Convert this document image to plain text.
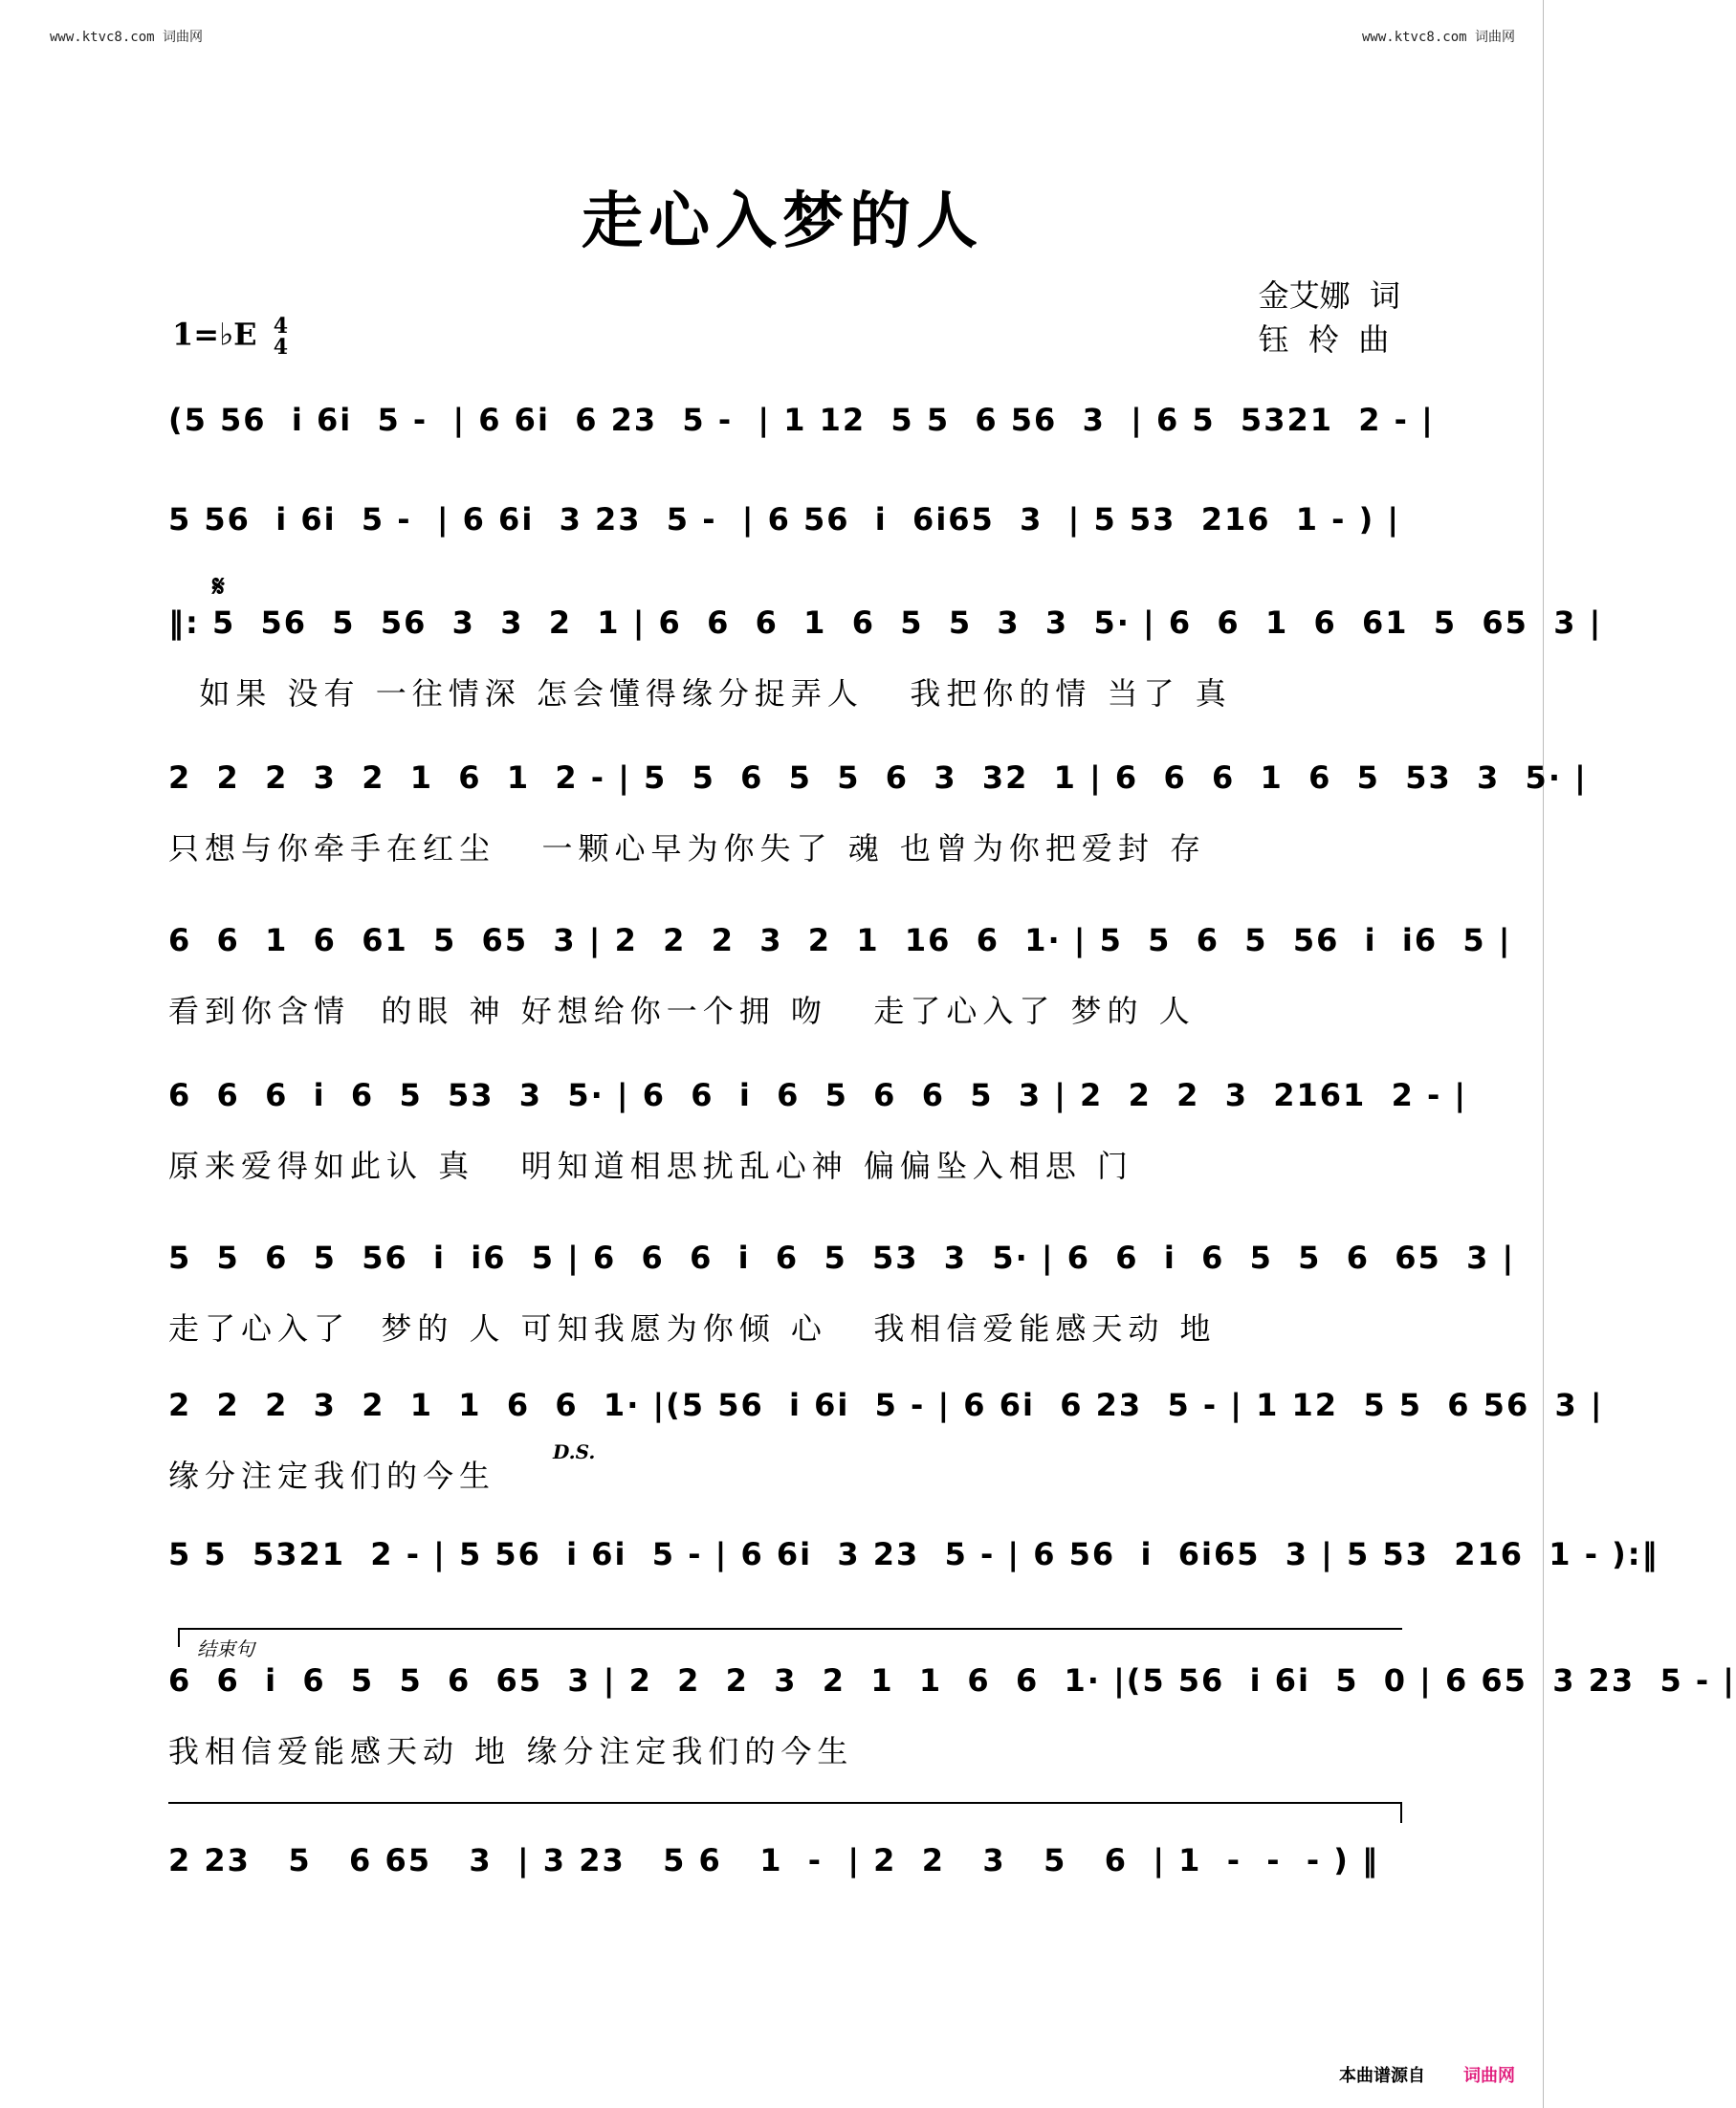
www.ktvc8.com 词曲网	www.ktvc8.com 词曲网
走心入梦的人
金艾娜  词
钰  柃  曲
1=♭E 4
4
𝄋
(5 56  i 6i  5 -  | 6 6i  6 23  5 -  | 1 12  5 5  6 56  3  | 6 5  5321  2 - |
5 56  i 6i  5 -  | 6 6i  3 23  5 -  | 6 56  i  6i65  3  | 5 53  216  1 - ) |
‖: 5  56  5  56  3  3  2  1 | 6  6  6  1  6  5  5  3  3  5· | 6  6  1  6  61  5  65  3 |
如果 没有 一往情深 怎会懂得缘分捉弄人   我把你的情 当了 真
2  2  2  3  2  1  6  1  2 - | 5  5  6  5  5  6  3  32  1 | 6  6  6  1  6  5  53  3  5· |
只想与你牵手在红尘   一颗心早为你失了 魂 也曾为你把爱封 存
6  6  1  6  61  5  65  3 | 2  2  2  3  2  1  16  6  1· | 5  5  6  5  56  i  i6  5 |
看到你含情  的眼 神 好想给你一个拥 吻   走了心入了 梦的 人
6  6  6  i  6  5  53  3  5· | 6  6  i  6  5  6  6  5  3 | 2  2  2  3  2161  2 - |
原来爱得如此认 真   明知道相思扰乱心神 偏偏坠入相思 门
5  5  6  5  56  i  i6  5 | 6  6  6  i  6  5  53  3  5· | 6  6  i  6  5  5  6  65  3 |
走了心入了  梦的 人 可知我愿为你倾 心   我相信爱能感天动 地
2  2  2  3  2  1  1  6  6  1· |(5 56  i 6i  5 - | 6 6i  6 23  5 - | 1 12  5 5  6 56  3 |
缘分注定我们的今生
D.S.
5 5  5321  2 - | 5 56  i 6i  5 - | 6 6i  3 23  5 - | 6 56  i  6i65  3 | 5 53  216  1 - ):‖
结束句
6  6  i  6  5  5  6  65  3 | 2  2  2  3  2  1  1  6  6  1· |(5 56  i 6i  5  0 | 6 65  3 23  5 - |
我相信爱能感天动 地 缘分注定我们的今生
2 23   5   6 65   3  | 3 23   5 6   1  -  | 2  2   3   5   6  | 1  -  -  - ) ‖
本曲谱源自 词曲网
